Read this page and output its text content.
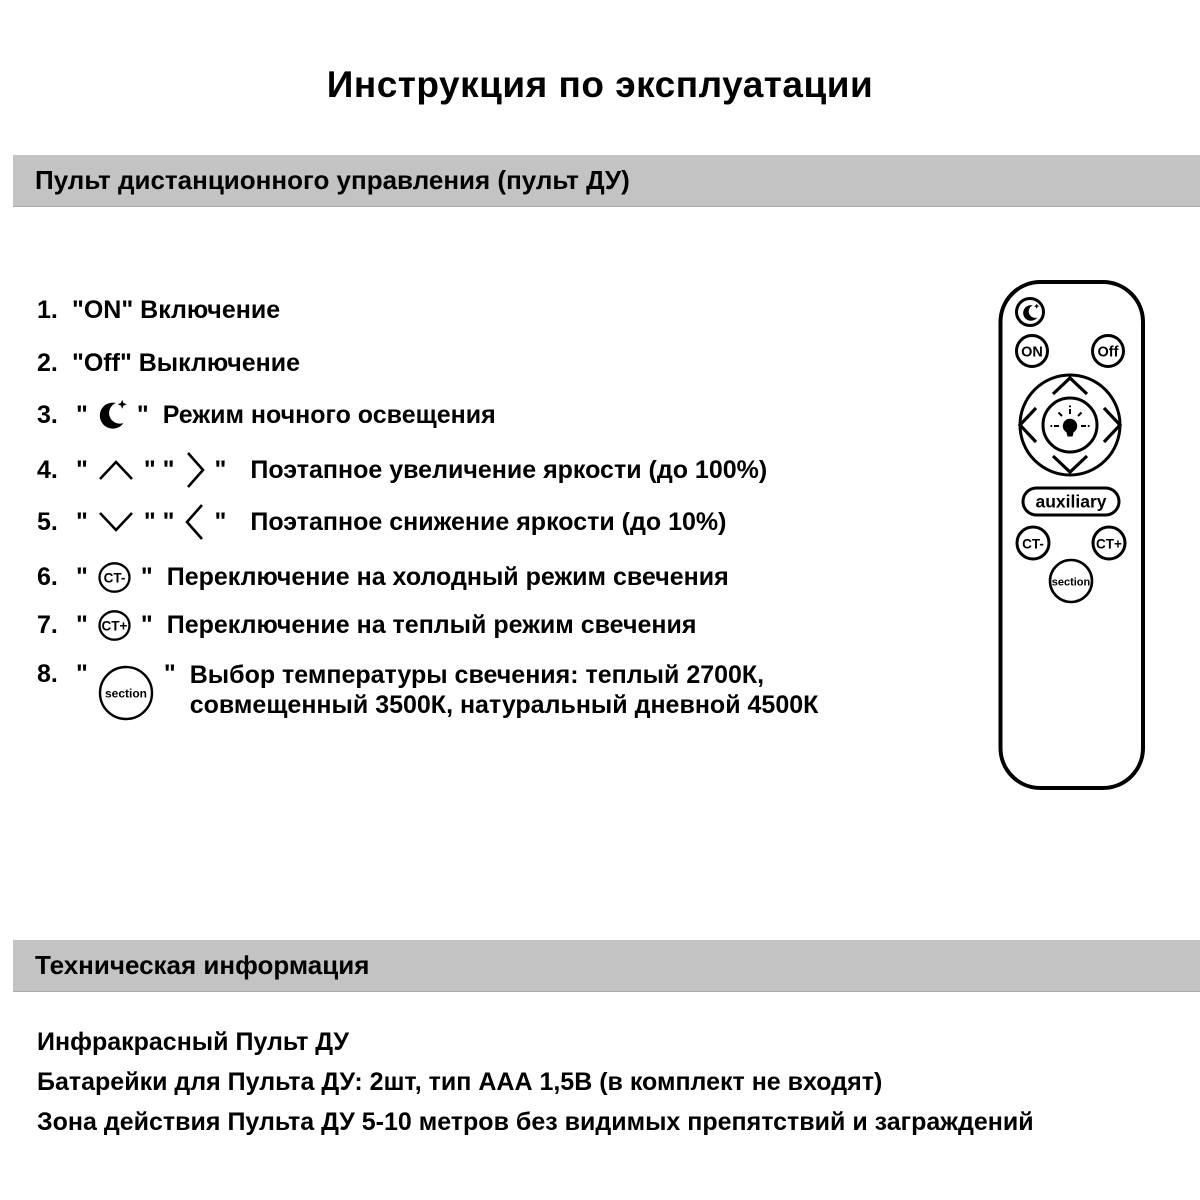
Инструкция по эксплуатации
Пульт дистанционного управления (пульт ДУ)
1. "ON" Включение
2. "Off" Выключение
3. " " Режим ночного освещения
4. " " " " Поэтапное увеличение яркости (до 100%)
5. " " " " Поэтапное снижение яркости (до 10%)
6. " CT- " Переключение на холодный режим свечения
7. " CT+ " Переключение на теплый режим свечения
8. "
section
" Выбор температуры свечения: теплый 2700К,
совмещенный 3500К, натуральный дневной 4500К
ON	Off
auxiliary
CT-	CT+
section
Техническая информация
Инфракрасный Пульт ДУ
Батарейки для Пульта ДУ: 2шт, тип ААА 1,5В (в комплект не входят)
Зона действия Пульта ДУ 5-10 метров без видимых препятствий и заграждений
